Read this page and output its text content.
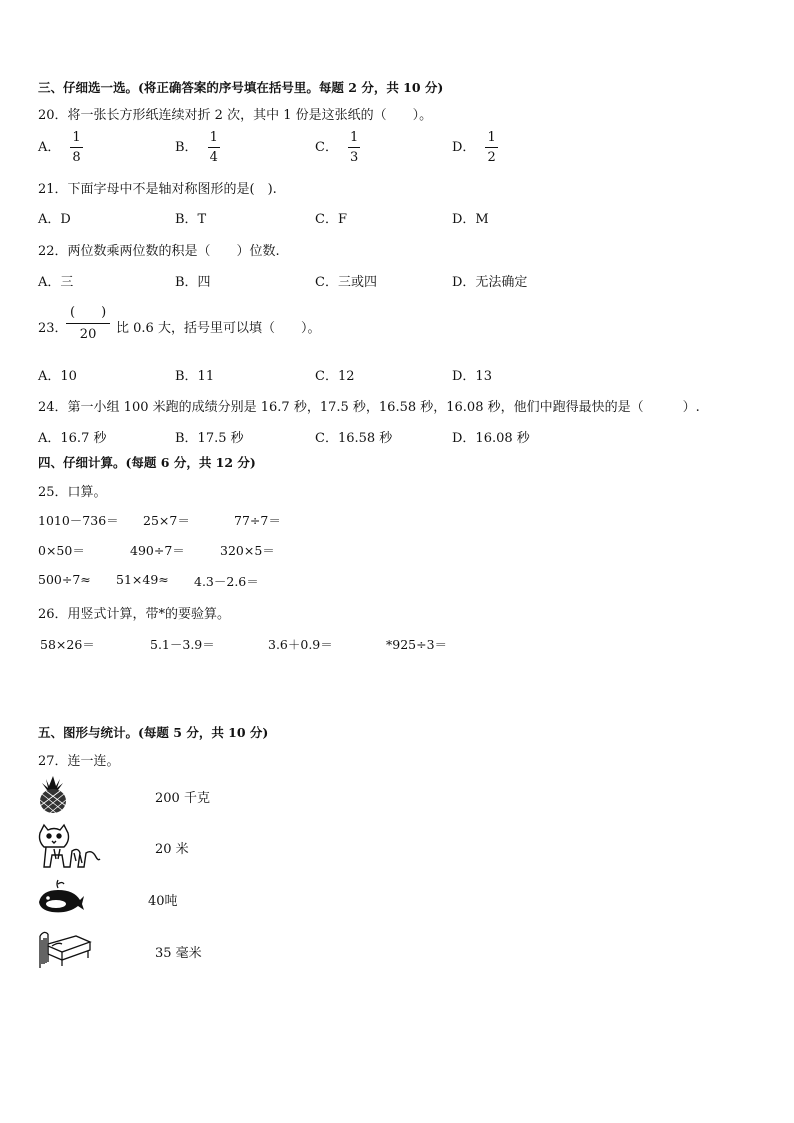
三、仔细选一选。(将正确答案的序号填在括号里。每题 2 分，共 10 分)
20．将一张长方形纸连续对折 2 次，其中 1 份是这张纸的（　　）。
A． $\frac{1}{8}$	B． $\frac{1}{4}$	C． $\frac{1}{3}$	D． $\frac{1}{2}$
21．下面字母中不是轴对称图形的是(　).
A．D	B．T	C．F	D．M
22．两位数乘两位数的积是（　　）位数.
A．三	B．四	C．三或四	D．无法确定
23．
(　　)
20 比 0.6 大，括号里可以填（　　）。
A．10	B．11	C．12	D．13
24．第一小组 100 米跑的成绩分别是 16.7 秒，17.5 秒，16.58 秒，16.08 秒，他们中跑得最快的是（　　　）.
A．16.7 秒	B．17.5 秒	C．16.58 秒	D．16.08 秒
四、仔细计算。(每题 6 分，共 12 分)
25．口算。
1010－736＝ 25×7＝	77÷7＝
0×50＝	490÷7＝	320×5＝
500÷7≈ 51×49≈ 4.3－2.6＝
26．用竖式计算，带*的要验算。
58×26＝	5.1－3.9＝	3.6＋0.9＝	*925÷3＝
五、图形与统计。(每题 5 分，共 10 分)
27．连一连。
200 千克
20 米
40吨
35 毫米
